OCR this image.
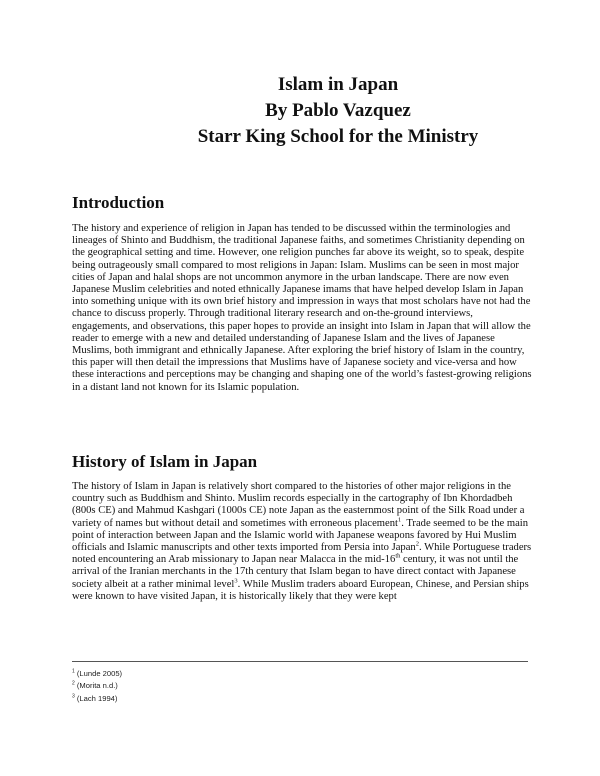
Islam in Japan
By Pablo Vazquez
Starr King School for the Ministry
Introduction
The history and experience of religion in Japan has tended to be discussed within the terminologies and lineages of Shinto and Buddhism, the traditional Japanese faiths, and sometimes Christianity depending on the geographical setting and time. However, one religion punches far above its weight, so to speak, despite being outrageously small compared to most religions in Japan: Islam. Muslims can be seen in most major cities of Japan and halal shops are not uncommon anymore in the urban landscape. There are now even Japanese Muslim celebrities and noted ethnically Japanese imams that have helped develop Islam in Japan into something unique with its own brief history and impression in ways that most scholars have not had the chance to discuss properly. Through traditional literary research and on-the-ground interviews, engagements, and observations, this paper hopes to provide an insight into Islam in Japan that will allow the reader to emerge with a new and detailed understanding of Japanese Islam and the lives of Japanese Muslims, both immigrant and ethnically Japanese. After exploring the brief history of Islam in the country, this paper will then detail the impressions that Muslims have of Japanese society and vice-versa and how these interactions and perceptions may be changing and shaping one of the world’s fastest-growing religions in a distant land not known for its Islamic population.
History of Islam in Japan
The history of Islam in Japan is relatively short compared to the histories of other major religions in the country such as Buddhism and Shinto. Muslim records especially in the cartography of Ibn Khordadbeh (800s CE) and Mahmud Kashgari (1000s CE) note Japan as the easternmost point of the Silk Road under a variety of names but without detail and sometimes with erroneous placement$^1$. Trade seemed to be the main point of interaction between Japan and the Islamic world with Japanese weapons favored by Hui Muslim officials and Islamic manuscripts and other texts imported from Persia into Japan$^2$. While Portuguese traders noted encountering an Arab missionary to Japan near Malacca in the mid-16th century, it was not until the arrival of the Iranian merchants in the 17th century that Islam began to have direct contact with Japanese society albeit at a rather minimal level$^3$. While Muslim traders aboard European, Chinese, and Persian ships were known to have visited Japan, it is historically likely that they were kept
$^1$ (Lunde 2005)
$^2$ (Morita n.d.)
$^3$ (Lach 1994)
